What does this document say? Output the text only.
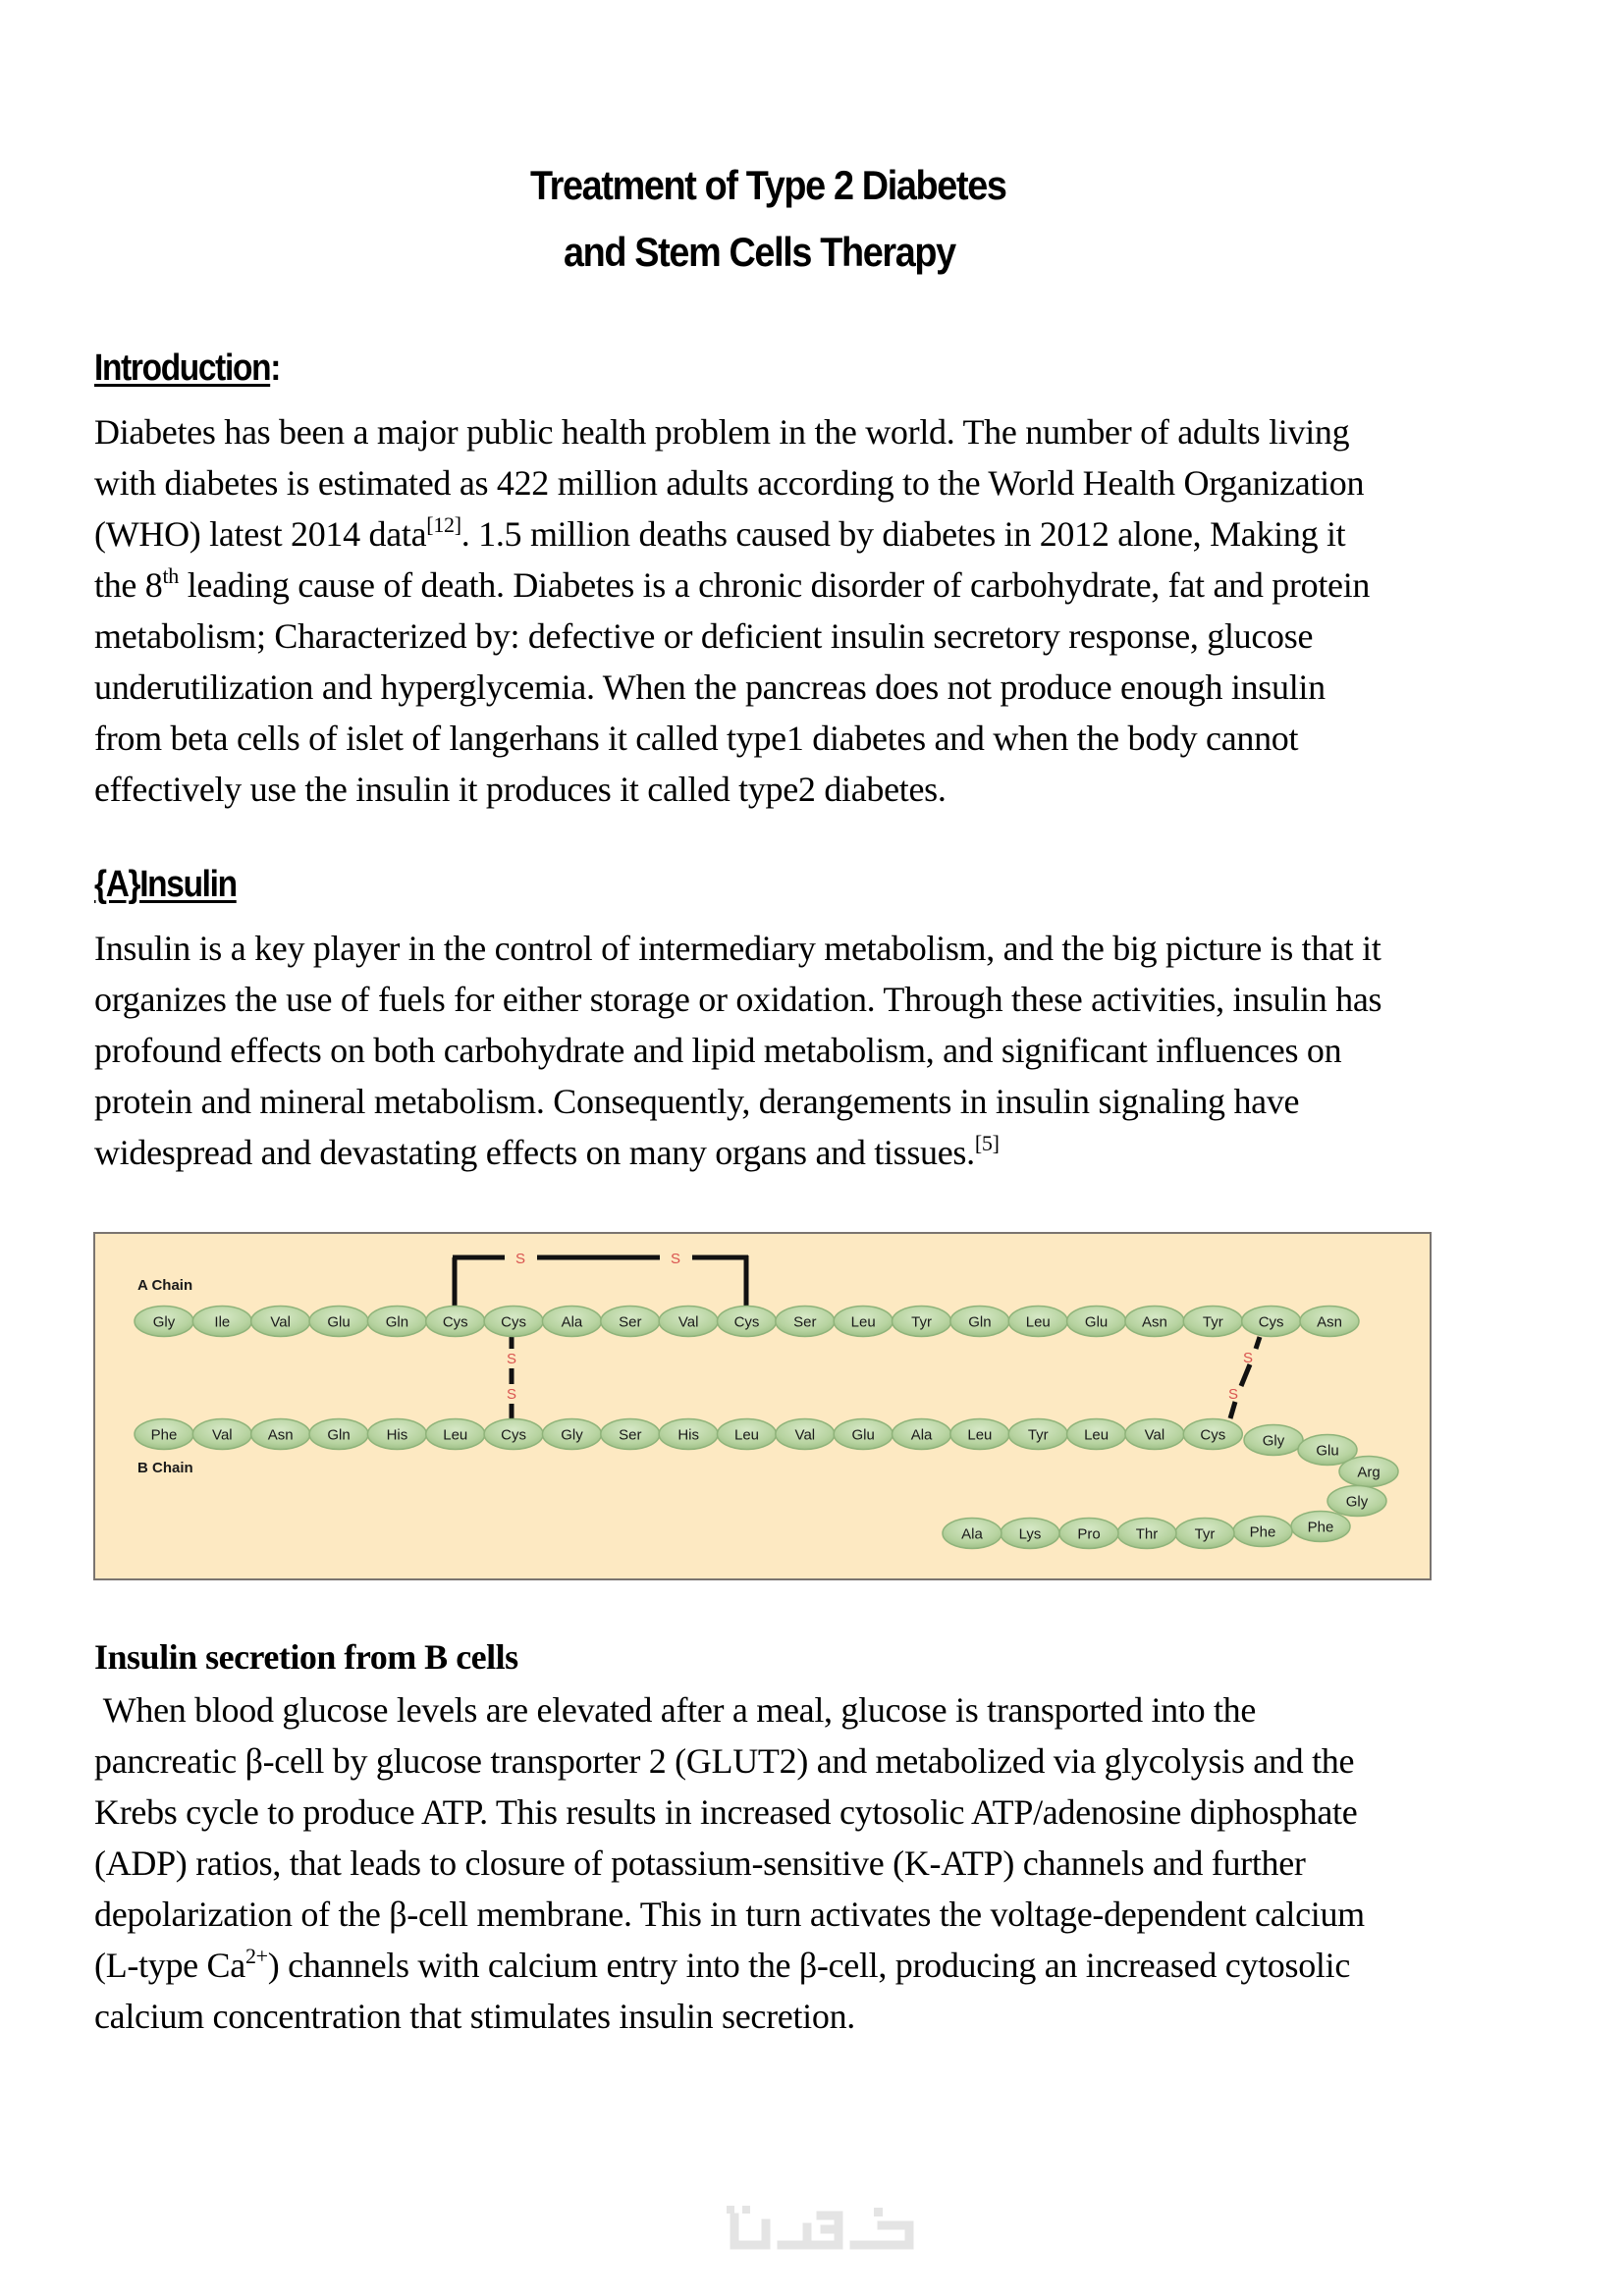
Treatment of Type 2 Diabetes
and Stem Cells Therapy
Introduction:
Diabetes has been a major public health problem in the world. The number of adults living
with diabetes is estimated as 422 million adults according to the World Health Organization
(WHO) latest 2014 data[12]. 1.5 million deaths caused by diabetes in 2012 alone, Making it
the 8th leading cause of death. Diabetes is a chronic disorder of carbohydrate, fat and protein
metabolism; Characterized by: defective or deficient insulin secretory response, glucose
underutilization and hyperglycemia. When the pancreas does not produce enough insulin
from beta cells of islet of langerhans it called type1 diabetes and when the body cannot
effectively use the insulin it produces it called type2 diabetes.
{A}Insulin
Insulin is a key player in the control of intermediary metabolism, and the big picture is that it
organizes the use of fuels for either storage or oxidation. Through these activities, insulin has
profound effects on both carbohydrate and lipid metabolism, and significant influences on
protein and mineral metabolism. Consequently, derangements in insulin signaling have
widespread and devastating effects on many organs and tissues.[5]
S	S
S
S
S
S
Gly	Ile	Val Glu Gln Cys Cys Ala Ser Val Cys Ser Leu Tyr Gln Leu Glu Asn Tyr Cys Asn
Phe Val Asn Gln His Leu Cys Gly Ser His Leu Val Glu Ala Leu Tyr Leu Val Cys	Gly
Glu
Arg
Gly
Phe
Phe
Tyr
Thr
Pro
Lys
Ala
A Chain
B Chain
Insulin secretion from B cells
When blood glucose levels are elevated after a meal, glucose is transported into the
pancreatic β-cell by glucose transporter 2 (GLUT2) and metabolized via glycolysis and the
Krebs cycle to produce ATP. This results in increased cytosolic ATP/adenosine diphosphate
(ADP) ratios, that leads to closure of potassium-sensitive (K-ATP) channels and further
depolarization of the β-cell membrane. This in turn activates the voltage-dependent calcium
(L-type $Ca^{2+}$) channels with calcium entry into the β-cell, producing an increased cytosolic
calcium concentration that stimulates insulin secretion.
